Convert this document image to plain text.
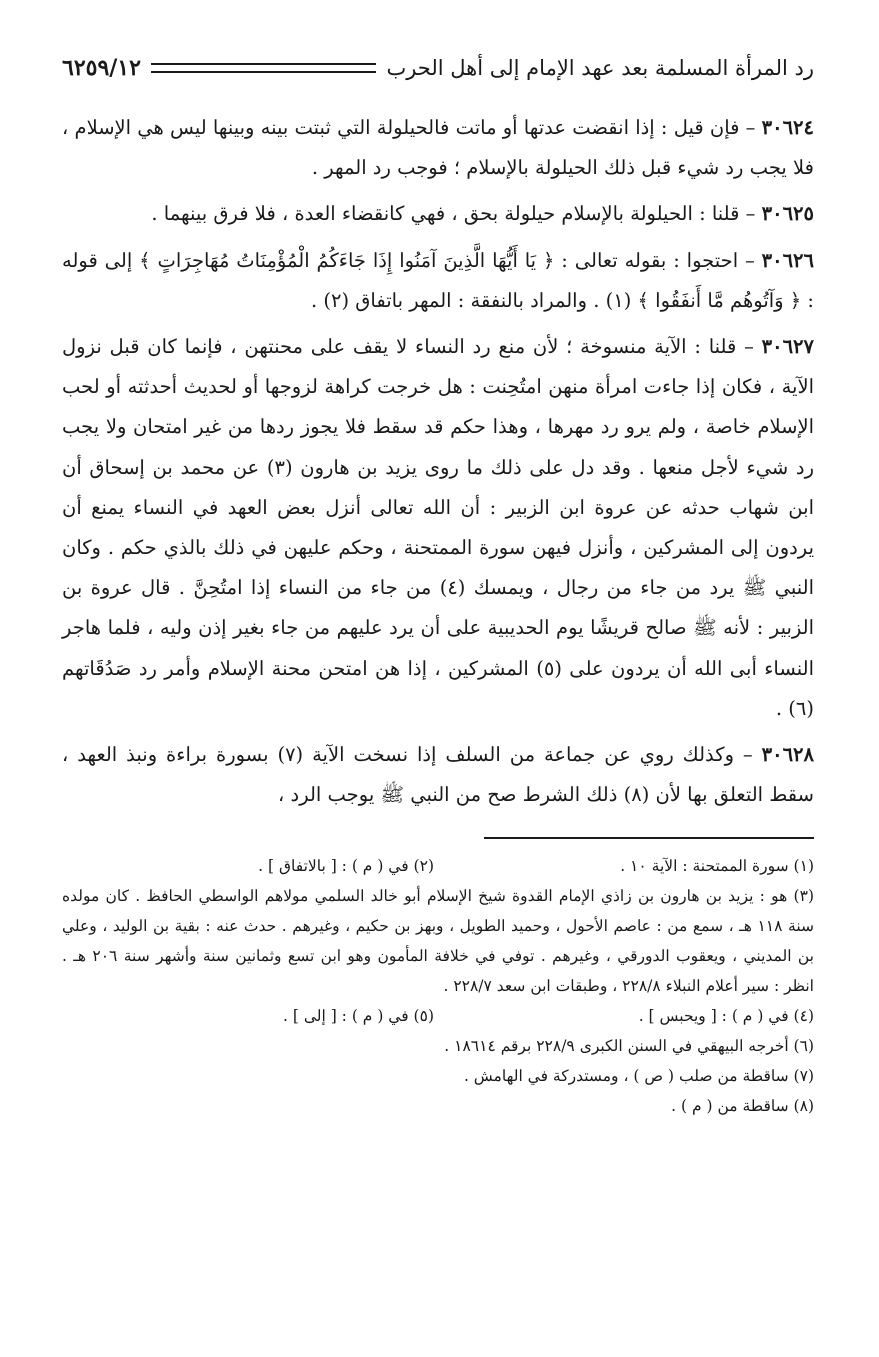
رد المرأة المسلمة بعد عهد الإمام إلى أهل الحرب
٦٢٥٩/١٢

٣٠٦٢٤ – فإن قيل : إذا انقضت عدتها أو ماتت فالحيلولة التي ثبتت بينه وبينها ليس هي الإسلام ، فلا يجب رد شيء قبل ذلك الحيلولة بالإسلام ؛ فوجب رد المهر .

٣٠٦٢٥ – قلنا : الحيلولة بالإسلام حيلولة بحق ، فهي كانقضاء العدة ، فلا فرق بينهما .

٣٠٦٢٦ – احتجوا : بقوله تعالى : ﴿ يَا أَيُّهَا الَّذِينَ آمَنُوا إِذَا جَاءَكُمُ الْمُؤْمِنَاتُ مُهَاجِرَاتٍ ﴾ إلى قوله : ﴿ وَآتُوهُم مَّا أَنفَقُوا ﴾ (١) . والمراد بالنفقة : المهر باتفاق (٢) .

٣٠٦٢٧ – قلنا : الآية منسوخة ؛ لأن منع رد النساء لا يقف على محنتهن ، فإنما كان قبل نزول الآية ، فكان إذا جاءت امرأة منهن امتُحِنت : هل خرجت كراهة لزوجها أو لحديث أحدثته أو لحب الإسلام خاصة ، ولم يرو رد مهرها ، وهذا حكم قد سقط فلا يجوز ردها من غير امتحان ولا يجب رد شيء لأجل منعها . وقد دل على ذلك ما روى يزيد بن هارون (٣) عن محمد بن إسحاق أن ابن شهاب حدثه عن عروة ابن الزبير : أن الله تعالى أنزل بعض العهد في النساء يمنع أن يردون إلى المشركين ، وأنزل فيهن سورة الممتحنة ، وحكم عليهن في ذلك بالذي حكم . وكان النبي ﷺ يرد من جاء من رجال ، ويمسك (٤) من جاء من النساء إذا امتُحِنَّ . قال عروة بن الزبير : لأنه ﷺ صالح قريشًا يوم الحديبية على أن يرد عليهم من جاء بغير إذن وليه ، فلما هاجر النساء أبى الله أن يردون على (٥) المشركين ، إذا هن امتحن محنة الإسلام وأمر رد صَدُقَاتهم (٦) .

٣٠٦٢٨ – وكذلك روي عن جماعة من السلف إذا نسخت الآية (٧) بسورة براءة ونبذ العهد ، سقط التعلق بها لأن (٨) ذلك الشرط صح من النبي ﷺ يوجب الرد ،

(١) سورة الممتحنة : الآية ١٠ .
(٢) في ( م ) : [ بالاتفاق ] .

(٣) هو : يزيد بن هارون بن زاذي الإمام القدوة شيخ الإسلام أبو خالد السلمي مولاهم الواسطي الحافظ . كان مولده سنة ١١٨ هـ ، سمع من : عاصم الأحول ، وحميد الطويل ، وبهز بن حكيم ، وغيرهم . حدث عنه : بقية بن الوليد ، وعلي بن المديني ، ويعقوب الدورقي ، وغيرهم . توفي في خلافة المأمون وهو ابن تسع وثمانين سنة وأشهر سنة ٢٠٦ هـ . انظر : سير أعلام النبلاء ٢٢٨/٨ ، وطبقات ابن سعد ٢٢٨/٧ .

(٤) في ( م ) : [ ويحبس ] .
(٥) في ( م ) : [ إلى ] .

(٦) أخرجه البيهقي في السنن الكبرى ٢٢٨/٩ برقم ١٨٦١٤ .

(٧) ساقطة من صلب ( ص ) ، ومستدركة في الهامش .

(٨) ساقطة من ( م ) .
